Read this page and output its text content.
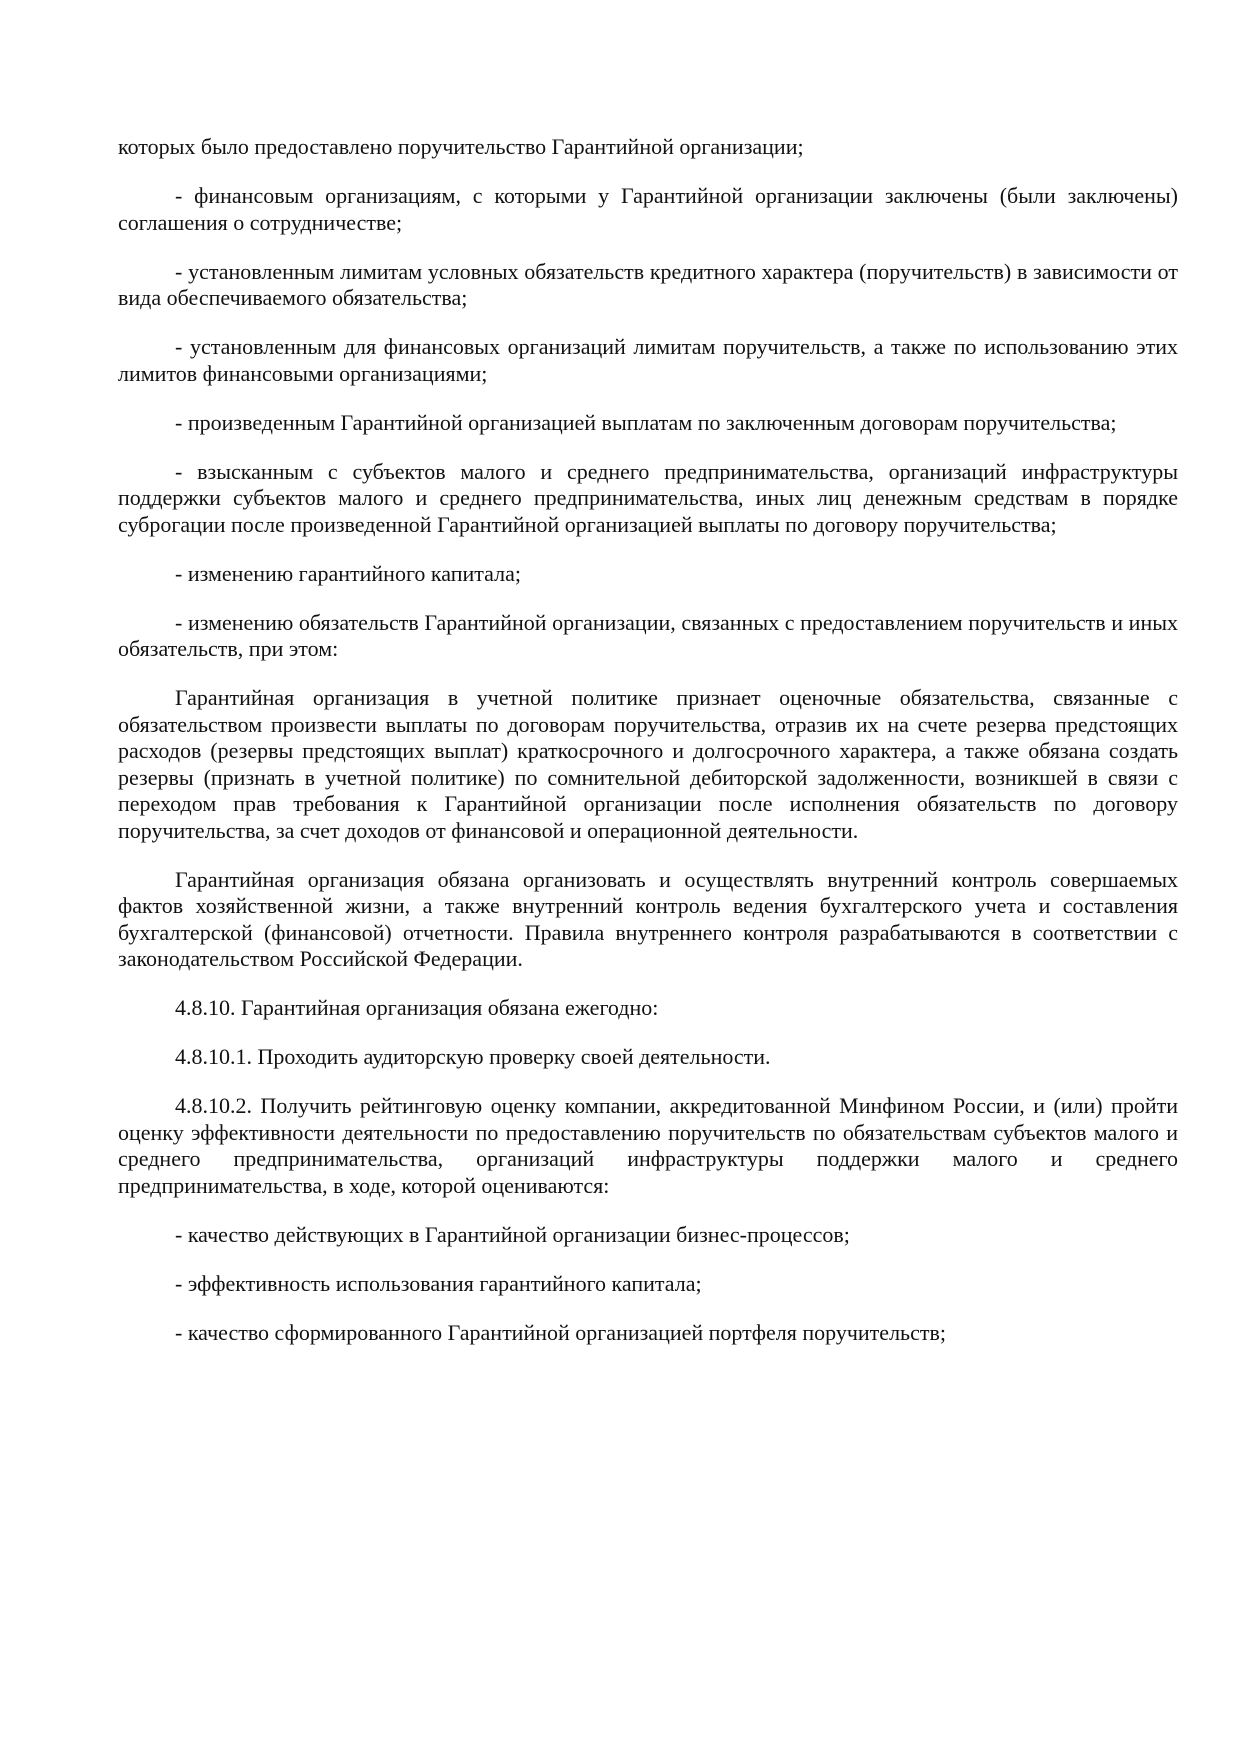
которых было предоставлено поручительство Гарантийной организации;

- финансовым организациям, с которыми у Гарантийной организации заключены (были заключены) соглашения о сотрудничестве;

- установленным лимитам условных обязательств кредитного характера (поручительств) в зависимости от вида обеспечиваемого обязательства;

- установленным для финансовых организаций лимитам поручительств, а также по использованию этих лимитов финансовыми организациями;

- произведенным Гарантийной организацией выплатам по заключенным договорам поручительства;

- взысканным с субъектов малого и среднего предпринимательства, организаций инфраструктуры поддержки субъектов малого и среднего предпринимательства, иных лиц денежным средствам в порядке суброгации после произведенной Гарантийной организацией выплаты по договору поручительства;

- изменению гарантийного капитала;

- изменению обязательств Гарантийной организации, связанных с предоставлением поручительств и иных обязательств, при этом:

Гарантийная организация в учетной политике признает оценочные обязательства, связанные с обязательством произвести выплаты по договорам поручительства, отразив их на счете резерва предстоящих расходов (резервы предстоящих выплат) краткосрочного и долгосрочного характера, а также обязана создать резервы (признать в учетной политике) по сомнительной дебиторской задолженности, возникшей в связи с переходом прав требования к Гарантийной организации после исполнения обязательств по договору поручительства, за счет доходов от финансовой и операционной деятельности.

Гарантийная организация обязана организовать и осуществлять внутренний контроль совершаемых фактов хозяйственной жизни, а также внутренний контроль ведения бухгалтерского учета и составления бухгалтерской (финансовой) отчетности. Правила внутреннего контроля разрабатываются в соответствии с законодательством Российской Федерации.

4.8.10. Гарантийная организация обязана ежегодно:

4.8.10.1. Проходить аудиторскую проверку своей деятельности.

4.8.10.2. Получить рейтинговую оценку компании, аккредитованной Минфином России, и (или) пройти оценку эффективности деятельности по предоставлению поручительств по обязательствам субъектов малого и среднего предпринимательства, организаций инфраструктуры поддержки малого и среднего предпринимательства, в ходе, которой оцениваются:

- качество действующих в Гарантийной организации бизнес-процессов;

- эффективность использования гарантийного капитала;

- качество сформированного Гарантийной организацией портфеля поручительств;
